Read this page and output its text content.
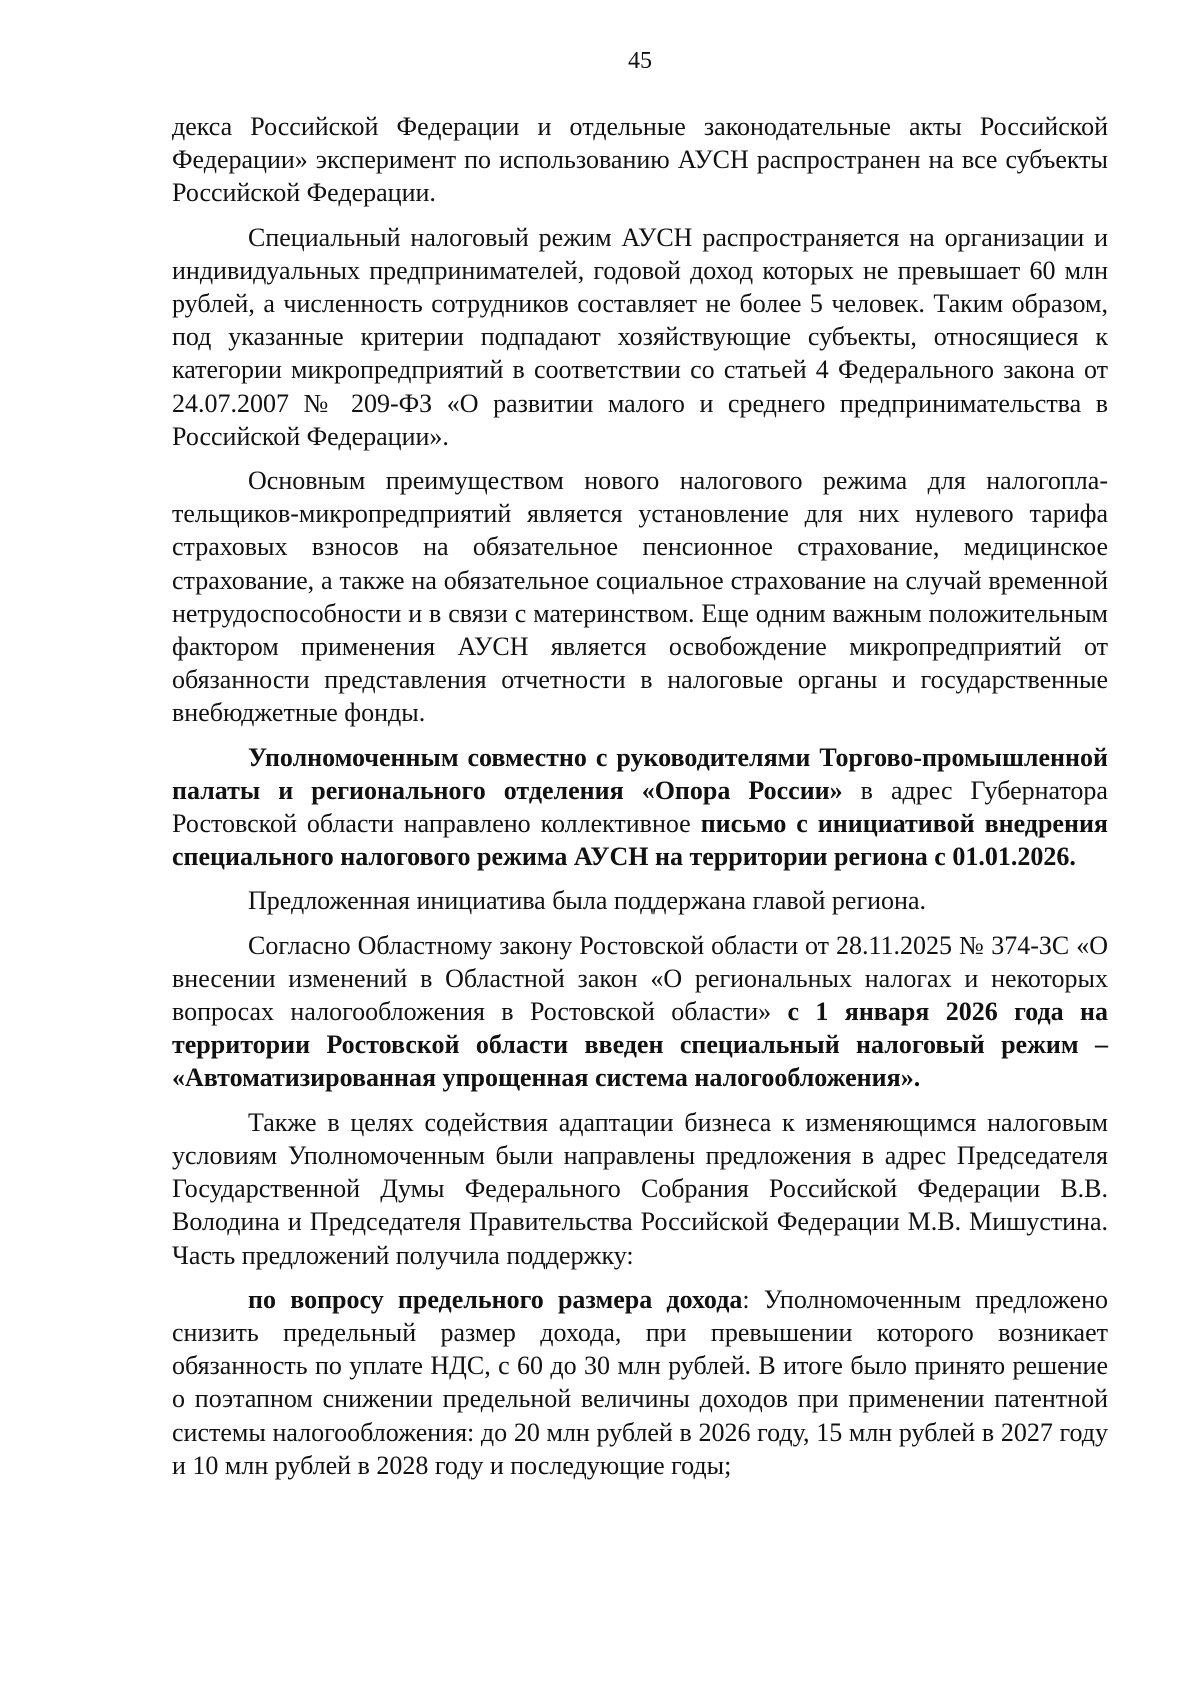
45

декса Российской Федерации и отдельные законодательные акты Российской Федерации» эксперимент по использованию АУСН распространен на все субъекты Российской Федерации.

Специальный налоговый режим АУСН распространяется на организации и индивидуальных предпринимателей, годовой доход которых не превышает 60 млн рублей, а численность сотрудников составляет не более 5 человек. Таким образом, под указанные критерии подпадают хозяйствующие субъекты, относящиеся к категории микропредприятий в соответствии со статьей 4 Федерального закона от 24.07.2007 № 209-ФЗ «О развитии малого и среднего предпринимательства в Российской Федерации».

Основным преимуществом нового налогового режима для налогоплательщиков-микропредприятий является установление для них нулевого тарифа страховых взносов на обязательное пенсионное страхование, медицинское страхование, а также на обязательное социальное страхование на случай временной нетрудоспособности и в связи с материнством. Еще одним важным положительным фактором применения АУСН является освобождение микропредприятий от обязанности представления отчетности в налоговые органы и государственные внебюджетные фонды.

Уполномоченным совместно с руководителями Торгово-промышленной палаты и регионального отделения «Опора России» в адрес Губернатора Ростовской области направлено коллективное письмо с инициативой внедрения специального налогового режима АУСН на территории региона с 01.01.2026.

Предложенная инициатива была поддержана главой региона.

Согласно Областному закону Ростовской области от 28.11.2025 № 374-ЗС «О внесении изменений в Областной закон «О региональных налогах и некоторых вопросах налогообложения в Ростовской области» с 1 января 2026 года на территории Ростовской области введен специальный налоговый режим – «Автоматизированная упрощенная система налогообложения».

Также в целях содействия адаптации бизнеса к изменяющимся налоговым условиям Уполномоченным были направлены предложения в адрес Председателя Государственной Думы Федерального Собрания Российской Федерации В.В. Володина и Председателя Правительства Российской Федерации М.В. Мишустина. Часть предложений получила поддержку:

по вопросу предельного размера дохода: Уполномоченным предложено снизить предельный размер дохода, при превышении которого возникает обязанность по уплате НДС, с 60 до 30 млн рублей. В итоге было принято решение о поэтапном снижении предельной величины доходов при применении патентной системы налогообложения: до 20 млн рублей в 2026 году, 15 млн рублей в 2027 году и 10 млн рублей в 2028 году и последующие годы;
